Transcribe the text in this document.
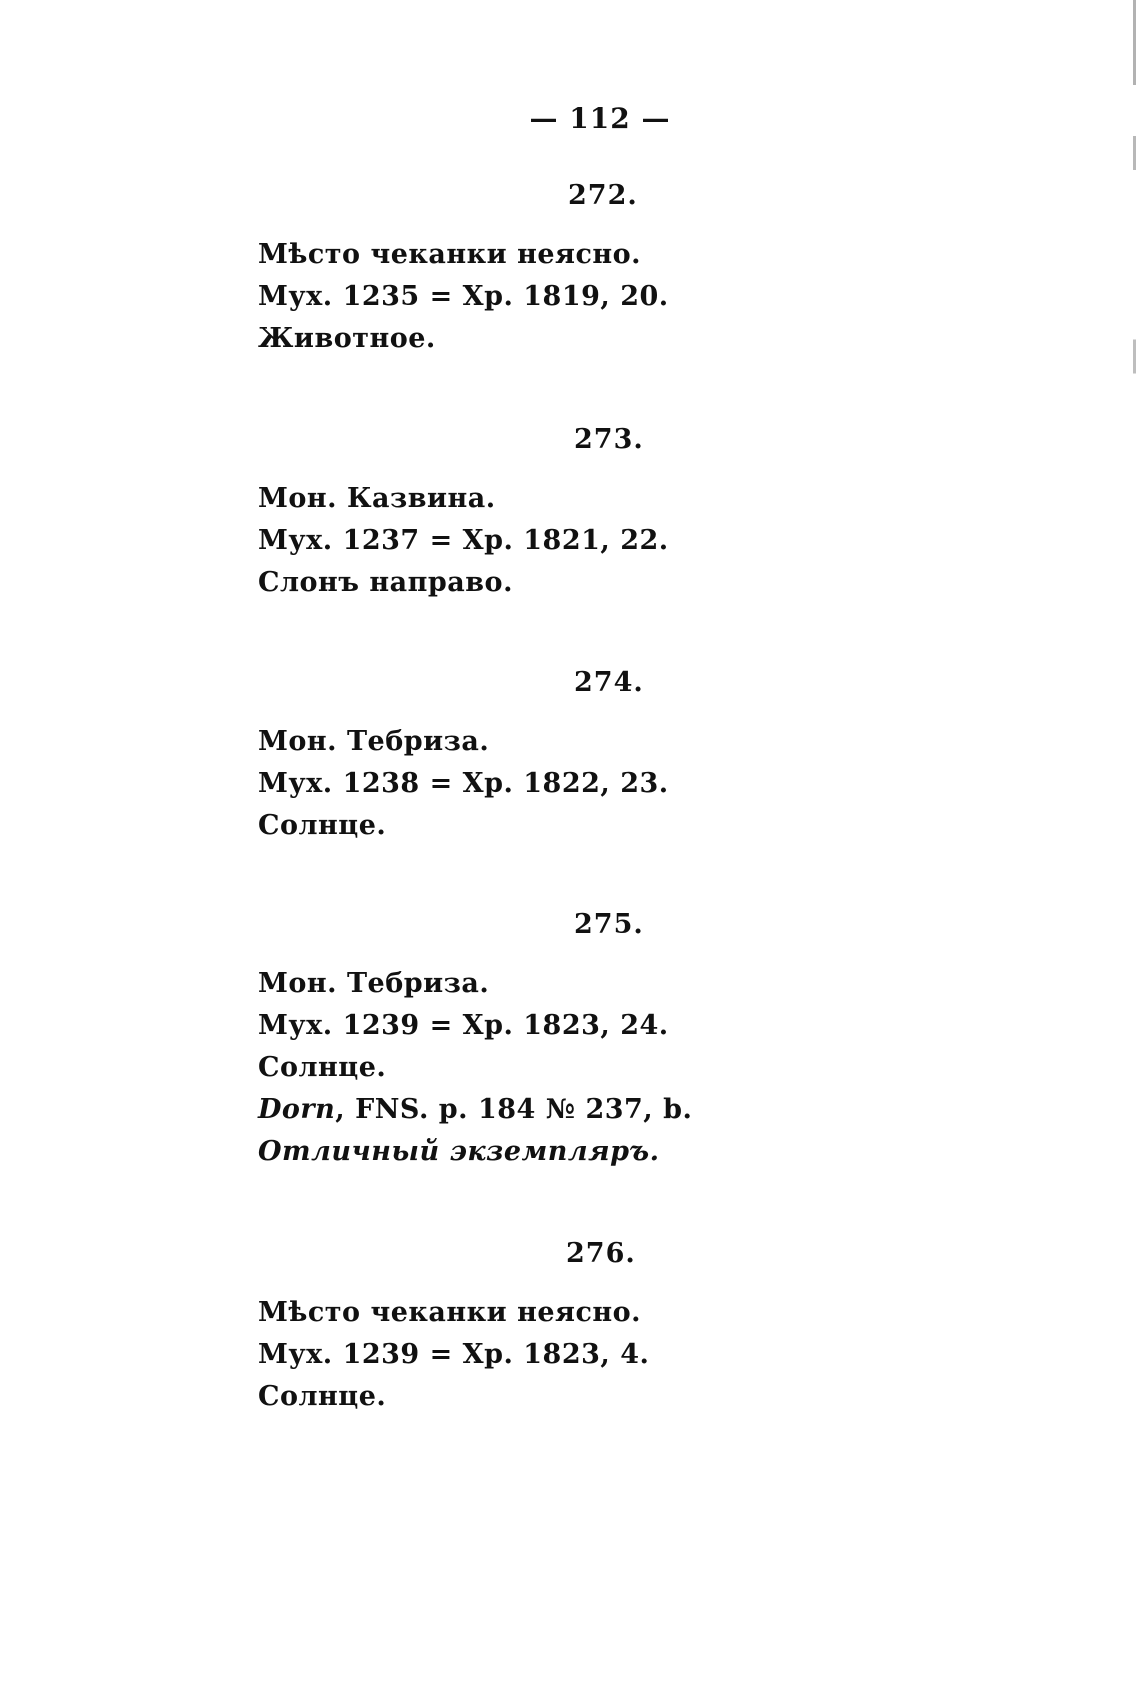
— 112 —
272.
Мѣсто чеканки неясно.
Мух. 1235 = Хр. 1819, 20.
Животное.
273.
Мон. Казвина.
Мух. 1237 = Хр. 1821, 22.
Слонъ направо.
274.
Мон. Тебриза.
Мух. 1238 = Хр. 1822, 23.
Солнце.
275.
Мон. Тебриза.
Мух. 1239 = Хр. 1823, 24.
Солнце.
Dorn, FNS. p. 184 № 237, b.
Отличный экземпляръ.
276.
Мѣсто чеканки неясно.
Мух. 1239 = Хр. 1823, 4.
Солнце.
